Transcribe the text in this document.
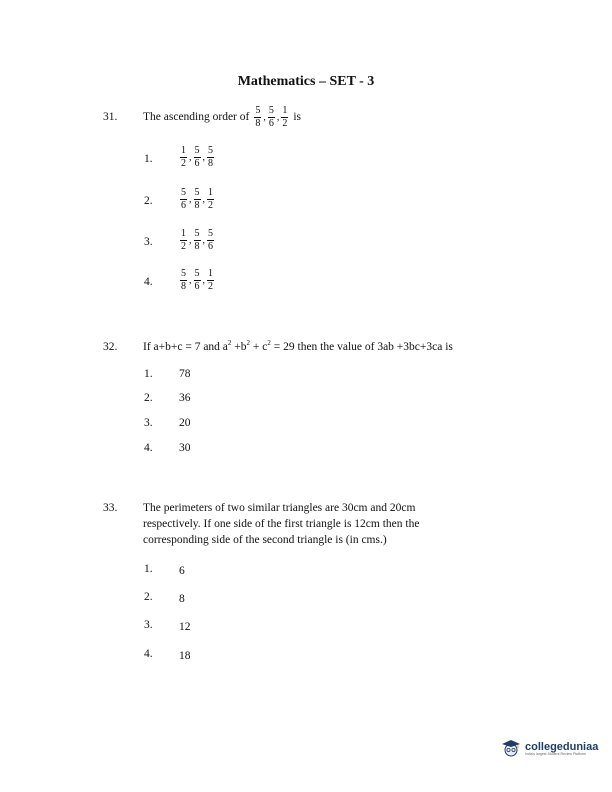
Mathematics – SET - 3
31. The ascending order of $\frac{5}{8}$ , $\frac{5}{6}$ , $\frac{1}{2}$ is
1.	$\frac{1}{2}$ , $\frac{5}{6}$ , $\frac{5}{8}$
2.	$\frac{5}{6}$ , $\frac{5}{8}$ , $\frac{1}{2}$
3.	$\frac{1}{2}$ , $\frac{5}{8}$ , $\frac{5}{6}$
4.	$\frac{5}{8}$ , $\frac{5}{6}$ , $\frac{1}{2}$
32. If a+b+c = 7 and $a^2 +b^2 + c^2 = 29$ then the value of 3ab +3bc+3ca is
1. 78
2. 36
3. 20
4. 30
33. The perimeters of two similar triangles are 30cm and 20cm
respectively. If one side of the first triangle is 12cm then the
corresponding side of the second triangle is (in cms.)
1. 6
2. 8
3. 12
4. 18
collegeduniaa
India's largest Student Review Platform
